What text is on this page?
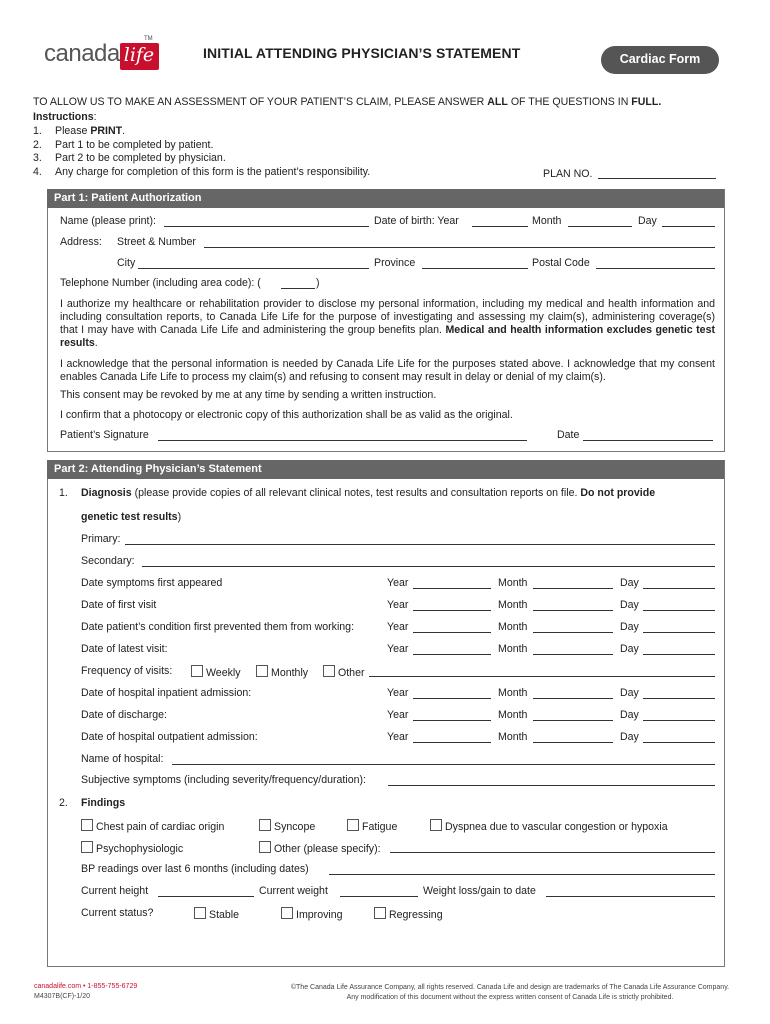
canada life
TM
INITIAL ATTENDING PHYSICIAN’S STATEMENT	Cardiac Form
TO ALLOW US TO MAKE AN ASSESSMENT OF YOUR PATIENT’S CLAIM, PLEASE ANSWER ALL OF THE QUESTIONS IN FULL.
Instructions:
1. Please PRINT.
2. Part 1 to be completed by patient.
3. Part 2 to be completed by physician.
4. Any charge for completion of this form is the patient’s responsibility.	PLAN NO.
Part 1: Patient Authorization
Name (please print):	Date of birth: Year	Month	Day
Address: Street & Number
City	Province	Postal Code
Telephone Number (including area code): (	)
I authorize my healthcare or rehabilitation provider to disclose my personal information, including my medical and health information and including consultation reports, to Canada Life Life for the purpose of investigating and assessing my claim(s), administering coverage(s) that I may have with Canada Life Life and administering the group benefits plan. Medical and health information excludes genetic test results.
I acknowledge that the personal information is needed by Canada Life Life for the purposes stated above. I acknowledge that my consent enables Canada Life Life to process my claim(s) and refusing to consent may result in delay or denial of my claim(s).
This consent may be revoked by me at any time by sending a written instruction.
I confirm that a photocopy or electronic copy of this authorization shall be as valid as the original.
Patient’s Signature	Date
Part 2: Attending Physician’s Statement
1. Diagnosis (please provide copies of all relevant clinical notes, test results and consultation reports on file. Do not provide
genetic test results)
Primary:
Secondary:
Date symptoms first appeared	Year	Month	Day
Date of first visit	Year	Month	Day
Date patient’s condition first prevented them from working:	Year	Month	Day
Date of latest visit:	Year	Month	Day
Frequency of visits:	Weekly	Monthly	Other
Date of hospital inpatient admission:	Year	Month	Day
Date of discharge:	Year	Month	Day
Date of hospital outpatient admission:	Year	Month	Day
Name of hospital:
Subjective symptoms (including severity/frequency/duration):
2. Findings
Chest pain of cardiac origin	Syncope	Fatigue	Dyspnea due to vascular congestion or hypoxia
Psychophysiologic	Other (please specify):
BP readings over last 6 months (including dates)
Current height	Current weight	Weight loss/gain to date
Current status?	Stable	Improving	Regressing
canadalife.com • 1-855-755-6729
M4307B(CF)-1/20
©The Canada Life Assurance Company, all rights reserved. Canada Life and design are trademarks of The Canada Life Assurance Company.
Any modification of this document without the express written consent of Canada Life is strictly prohibited.
